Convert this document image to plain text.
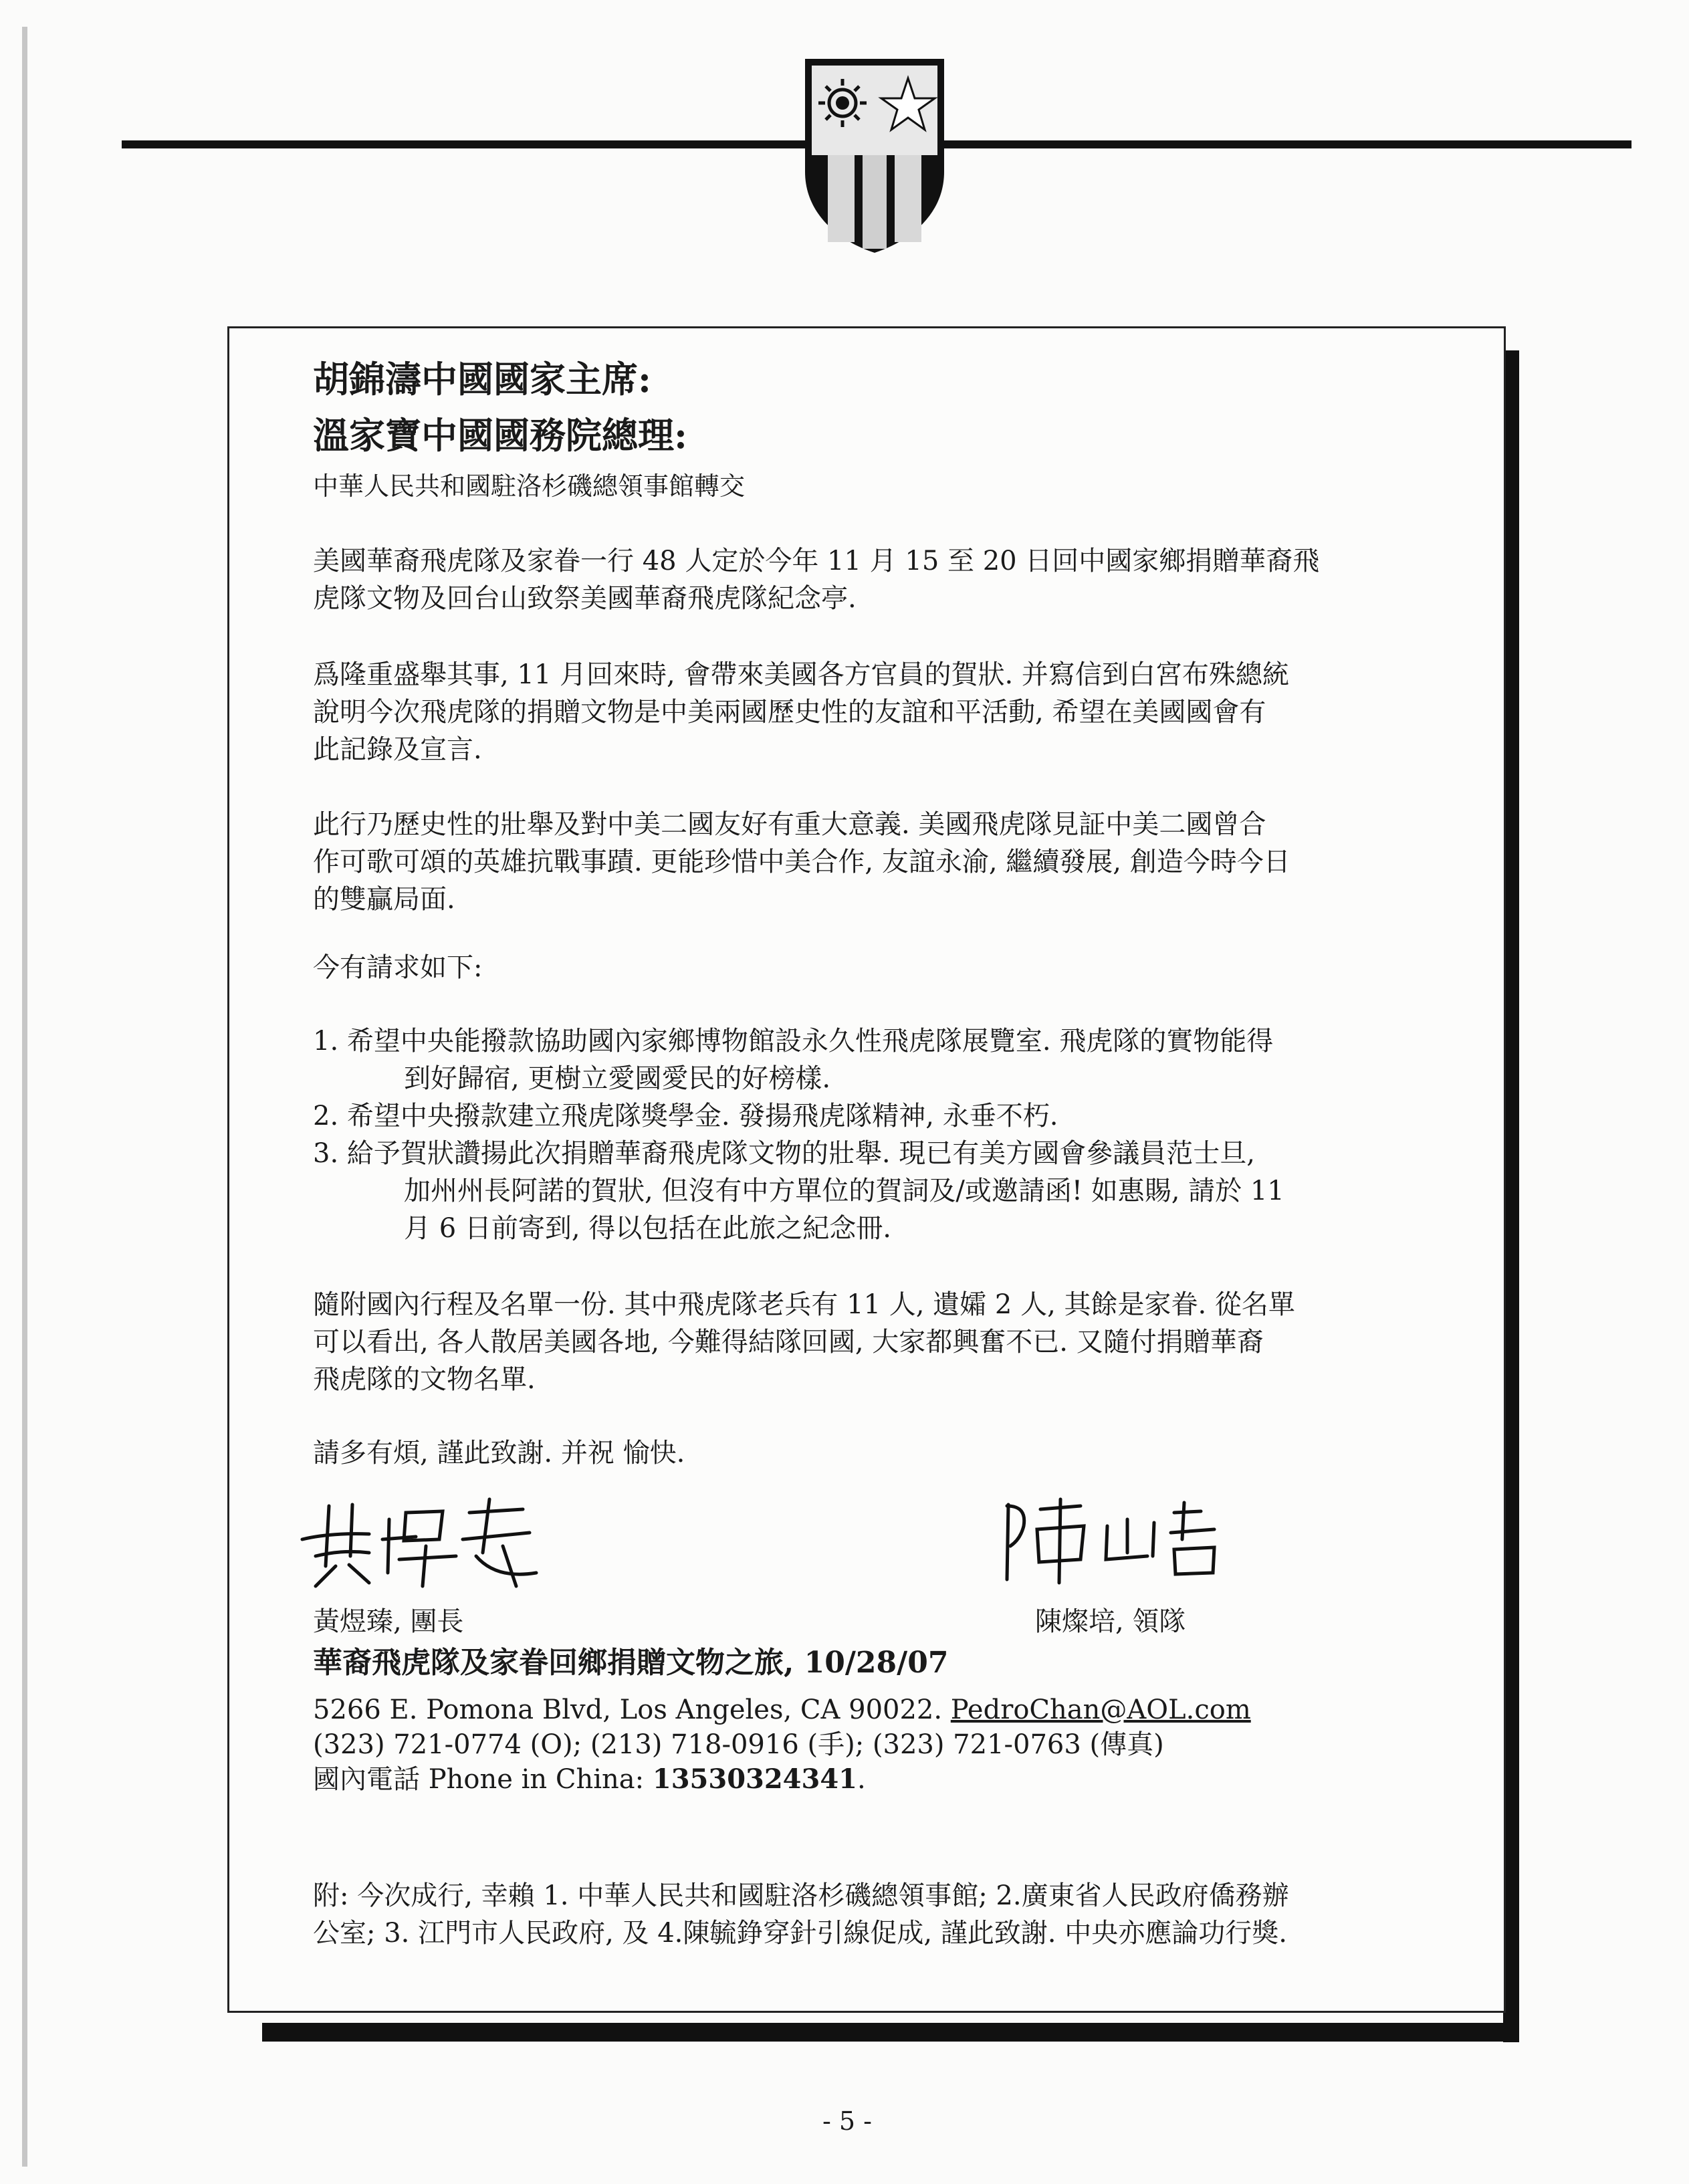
胡錦濤中國國家主席:
溫家寶中國國務院總理:
中華人民共和國駐洛杉磯總領事館轉交
美國華裔飛虎隊及家眷一行 48 人定於今年 11 月 15 至 20 日回中國家鄉捐贈華裔飛
虎隊文物及回台山致祭美國華裔飛虎隊紀念亭.
爲隆重盛舉其事, 11 月回來時, 會帶來美國各方官員的賀狀. 并寫信到白宮布殊總統
說明今次飛虎隊的捐贈文物是中美兩國歷史性的友誼和平活動, 希望在美國國會有
此記錄及宣言.
此行乃歷史性的壯舉及對中美二國友好有重大意義. 美國飛虎隊見証中美二國曾合
作可歌可頌的英雄抗戰事蹟. 更能珍惜中美合作, 友誼永渝, 繼續發展, 創造今時今日
的雙贏局面.
今有請求如下:
1. 希望中央能撥款協助國內家鄉博物館設永久性飛虎隊展覽室. 飛虎隊的實物能得
到好歸宿, 更樹立愛國愛民的好榜樣.
2. 希望中央撥款建立飛虎隊獎學金. 發揚飛虎隊精神, 永垂不朽.
3. 給予賀狀讚揚此次捐贈華裔飛虎隊文物的壯舉. 現已有美方國會參議員范士旦,
加州州長阿諾的賀狀, 但沒有中方單位的賀詞及/或邀請函! 如惠賜, 請於 11
月 6 日前寄到, 得以包括在此旅之紀念冊.
隨附國內行程及名單一份. 其中飛虎隊老兵有 11 人, 遺孀 2 人, 其餘是家眷. 從名單
可以看出, 各人散居美國各地, 今難得結隊回國, 大家都興奮不已. 又隨付捐贈華裔
飛虎隊的文物名單.
請多有煩, 謹此致謝. 并祝 愉快.
黃煜臻, 團長	陳燦培, 領隊
華裔飛虎隊及家眷回鄉捐贈文物之旅, 10/28/07
5266 E. Pomona Blvd, Los Angeles, CA 90022. PedroChan@AOL.com
(323) 721-0774 (O); (213) 718-0916 (手); (323) 721-0763 (傳真)
國內電話 Phone in China: 13530324341.
附: 今次成行, 幸賴 1. 中華人民共和國駐洛杉磯總領事館; 2.廣東省人民政府僑務辦
公室; 3. 江門市人民政府, 及 4.陳毓錚穿針引線促成, 謹此致謝. 中央亦應論功行獎.
- 5 -
